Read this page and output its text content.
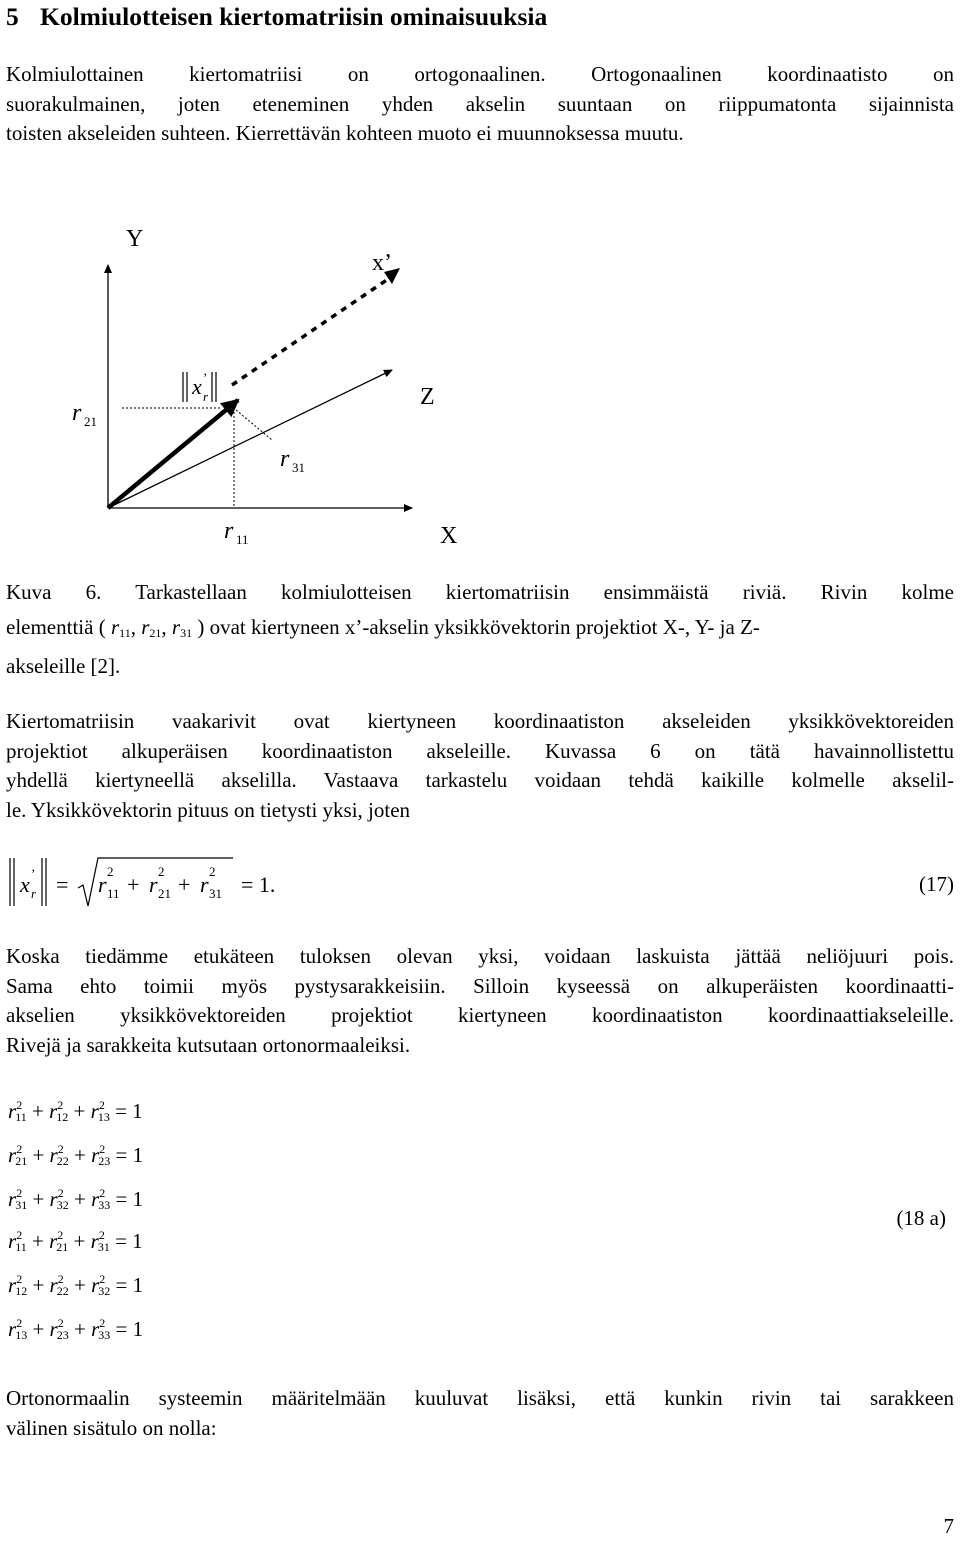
5 Kolmiulotteisen kiertomatriisin ominaisuuksia
Kolmiulottainen kiertomatriisi on ortogonaalinen. Ortogonaalinen koordinaatisto on
suorakulmainen, joten eteneminen yhden akselin suuntaan on riippumatonta sijainnista
toisten akseleiden suhteen. Kierrettävän kohteen muoto ei muunnoksessa muutu.
Y
x’
Z
X
r 21
r 31
r 11
x ’
r
Kuva 6. Tarkastellaan kolmiulotteisen kiertomatriisin ensimmäistä riviä. Rivin kolme
elementtiä ( $r_{11}$, $r_{21}$, $r_{31}$ ) ovat kiertyneen x’-akselin yksikkövektorin projektiot X-, Y- ja Z-
akseleille [2].
Kiertomatriisin vaakarivit ovat kiertyneen koordinaatiston akseleiden yksikkövektoreiden
projektiot alkuperäisen koordinaatiston akseleille. Kuvassa 6 on tätä havainnollistettu
yhdellä kiertyneellä akselilla. Vastaava tarkastelu voidaan tehdä kaikille kolmelle akselil-
le. Yksikkövektorin pituus on tietysti yksi, joten
x ’
r = r 11
2
+ r 21
2
+ r 31
2
= 1.	(17)
Koska tiedämme etukäteen tuloksen olevan yksi, voidaan laskuista jättää neliöjuuri pois.
Sama ehto toimii myös pystysarakkeisiin. Silloin kyseessä on alkuperäisten koordinaatti-
akselien yksikkövektoreiden projektiot kiertyneen koordinaatiston koordinaattiakseleille.
Rivejä ja sarakkeita kutsutaan ortonormaaleiksi.
$r^2_{11} + r^2_{12} + r^2_{13} = 1$
$r^2_{21} + r^2_{22} + r^2_{23} = 1$
$r^2_{31} + r^2_{32} + r^2_{33} = 1$
$r^2_{11} + r^2_{21} + r^2_{31} = 1$
$r^2_{12} + r^2_{22} + r^2_{32} = 1$
$r^2_{13} + r^2_{23} + r^2_{33} = 1$
(18 a)
Ortonormaalin systeemin määritelmään kuuluvat lisäksi, että kunkin rivin tai sarakkeen
välinen sisätulo on nolla:
7
